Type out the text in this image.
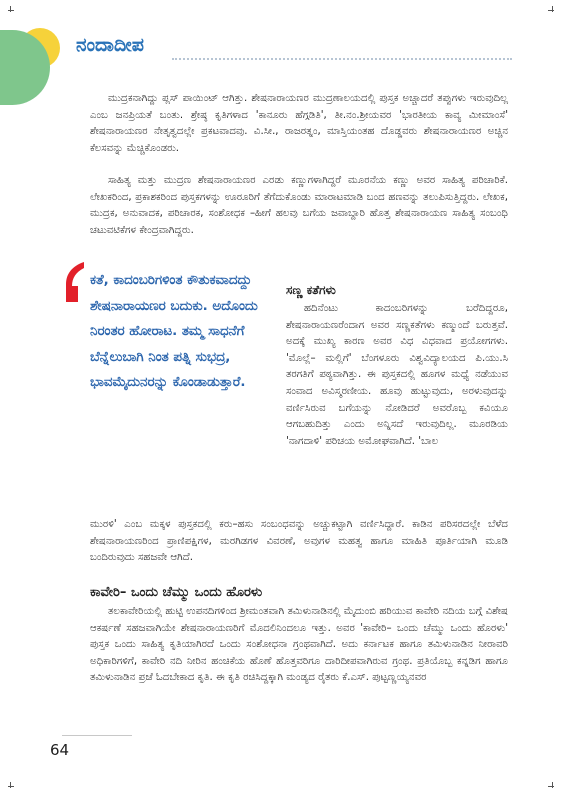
ನಂದಾದೀಪ

ಮುದ್ರಕನಾಗಿದ್ದು ಪ್ಲಸ್ ಪಾಯಿಂಟ್ ಆಗಿತ್ತು. ಶೇಷನಾರಾಯಣರ ಮುದ್ರಣಾಲಯದಲ್ಲಿ ಪುಸ್ತಕ ಅಚ್ಚಾದರೆ ತಪ್ಪುಗಳು ಇರುವುದಿಲ್ಲ ಎಂಬ ಜನಪ್ರಿಯತೆ ಬಂತು. ಶ್ರೇಷ್ಠ ಕೃತಿಗಳಾದ 'ಕಾನೂರು ಹೆಗ್ಗಡಿತಿ', ತೀ.ನಂ.ಶ್ರೀಯವರ 'ಭಾರತೀಯ ಕಾವ್ಯ ಮೀಮಾಂಸೆ' ಶೇಷನಾರಾಯಣರ ನೇತೃತ್ವದಲ್ಲೇ ಪ್ರಕಟವಾದವು. ವಿ.ಸೀ., ರಾಜರತ್ನಂ, ಮಾಸ್ತಿಯಂತಹ ದೊಡ್ಡವರು ಶೇಷನಾರಾಯಣರ ಅಚ್ಚಿನ ಕೆಲಸವನ್ನು ಮೆಚ್ಚಿಕೊಂಡರು.

ಸಾಹಿತ್ಯ ಮತ್ತು ಮುದ್ರಣ ಶೇಷನಾರಾಯಣರ ಎರಡು ಕಣ್ಣುಗಳಾಗಿದ್ದರೆ ಮೂರನೆಯ ಕಣ್ಣು ಅವರ ಸಾಹಿತ್ಯ ಪರಿಚಾರಿಕೆ. ಲೇಖಕರಿಂದ, ಪ್ರಕಾಶಕರಿಂದ ಪುಸ್ತಕಗಳನ್ನು ಊರೂರಿಗೆ ತೆಗೆದುಕೊಂಡು ಮಾರಾಟಮಾಡಿ ಬಂದ ಹಣವನ್ನು ತಲುಪಿಸುತ್ತಿದ್ದರು. ಲೇಖಕ, ಮುದ್ರಕ, ಅನುವಾದಕ, ಪರಿಚಾರಕ, ಸಂಶೋಧಕ –ಹೀಗೆ ಹಲವು ಬಗೆಯ ಜವಾಬ್ದಾರಿ ಹೊತ್ತ ಶೇಷನಾರಾಯಣ ಸಾಹಿತ್ಯ ಸಂಬಂಧಿ ಚಟುವಟಿಕೆಗಳ ಕೇಂದ್ರವಾಗಿದ್ದರು.

ಕತೆ, ಕಾದಂಬರಿಗಳಿಂತ ಕೌತುಕವಾದದ್ದು ಶೇಷನಾರಾಯಣರ ಬದುಕು. ಅದೊಂದು ನಿರಂತರ ಹೋರಾಟ. ತಮ್ಮ ಸಾಧನೆಗೆ ಬೆನ್ನೆಲುಬಾಗಿ ನಿಂತ ಪತ್ನಿ ಸುಭದ್ರ, ಭಾವಮೈದುನರನ್ನು ಕೊಂಡಾಡುತ್ತಾರೆ.

ಸಣ್ಣ ಕತೆಗಳು

ಹದಿನೆಂಟು ಕಾದಂಬರಿಗಳನ್ನು ಬರೆದಿದ್ದರೂ, ಶೇಷನಾರಾಯಣರೆಂದಾಗ ಅವರ ಸಣ್ಣಕತೆಗಳು ಕಣ್ಮುಂದೆ ಬರುತ್ತವೆ. ಅದಕ್ಕೆ ಮುಖ್ಯ ಕಾರಣ ಅವರ ವಿಧ ವಿಧವಾದ ಪ್ರಯೋಗಗಳು. 'ಮೊಲ್ಲೆ– ಮಲ್ಲಿಗೆ' ಬೆಂಗಳೂರು ವಿಶ್ವವಿದ್ಯಾಲಯದ ಪಿ.ಯು.ಸಿ ತರಗತಿಗೆ ಪಠ್ಯವಾಗಿತ್ತು. ಈ ಪುಸ್ತಕದಲ್ಲಿ ಹೂಗಳ ಮಧ್ಯೆ ನಡೆಯುವ ಸಂವಾದ ಅವಿಸ್ಮರಣೀಯ. ಹೂವು ಹುಟ್ಟುವುದು, ಅರಳುವುದನ್ನು ವರ್ಣಿಸಿರುವ ಬಗೆಯನ್ನು ನೋಡಿದರೆ ಅವರೊಬ್ಬ ಕವಿಯೂ ಆಗಬಹುದಿತ್ತು ಎಂದು ಅನ್ನಿಸದೆ ಇರುವುದಿಲ್ಲ. ಮೂರಡಿಯ 'ನಾಗದಾಳಿ' ಪರಿಚಯ ಅಮೋಘವಾಗಿದೆ. 'ಬಾಲ

ಮುರಳಿ' ಎಂಬ ಮಕ್ಕಳ ಪುಸ್ತಕದಲ್ಲಿ ಕರು–ಹಸು ಸಂಬಂಧವನ್ನು ಅಚ್ಚುಕಟ್ಟಾಗಿ ವರ್ಣಿಸಿದ್ದಾರೆ. ಕಾಡಿನ ಪರಿಸರದಲ್ಲೇ ಬೆಳೆದ ಶೇಷನಾರಾಯಣರಿಂದ ಪ್ರಾಣಿಪಕ್ಷಿಗಳ, ಮರಗಿಡಗಳ ವಿವರಣೆ, ಅವುಗಳ ಮಹತ್ವ ಹಾಗೂ ಮಾಹಿತಿ ಪೂರ್ತಿಯಾಗಿ ಮೂಡಿ ಬಂದಿರುವುದು ಸಹಜವೇ ಆಗಿದೆ.

ಕಾವೇರಿ– ಒಂದು ಚೆಮ್ಮು ಒಂದು ಹೊರಳು

ತಲಕಾವೇರಿಯಲ್ಲಿ ಹುಟ್ಟಿ ಉಪನದಿಗಳಿಂದ ಶ್ರೀಮಂತವಾಗಿ ತಮಿಳುನಾಡಿನಲ್ಲಿ ಮೈದುಂಬಿ ಹರಿಯುವ ಕಾವೇರಿ ನದಿಯ ಬಗ್ಗೆ ವಿಶೇಷ ಆಕರ್ಷಣೆ ಸಹಜವಾಗಿಯೇ ಶೇಷನಾರಾಯಣರಿಗೆ ಮೊದಲಿನಿಂದಲೂ ಇತ್ತು. ಅವರ 'ಕಾವೇರಿ– ಒಂದು ಚೆಮ್ಮು ಒಂದು ಹೊರಳು' ಪುಸ್ತಕ ಒಂದು ಸಾಹಿತ್ಯ ಕೃತಿಯಾಗಿರದೆ ಒಂದು ಸಂಶೋಧನಾ ಗ್ರಂಥವಾಗಿದೆ. ಅದು ಕರ್ನಾಟಕ ಹಾಗೂ ತಮಿಳುನಾಡಿನ ನೀರಾವರಿ ಅಧಿಕಾರಿಗಳಿಗೆ, ಕಾವೇರಿ ನದಿ ನೀರಿನ ಹಂಚಿಕೆಯ ಹೊಣೆ ಹೊತ್ತವರಿಗೂ ದಾರಿದೀಪವಾಗಿರುವ ಗ್ರಂಥ. ಪ್ರತಿಯೊಬ್ಬ ಕನ್ನಡಿಗ ಹಾಗೂ ತಮಿಳುನಾಡಿನ ಪ್ರಜೆ ಓದಬೇಕಾದ ಕೃತಿ. ಈ ಕೃತಿ ರಚಿಸಿದ್ದಕ್ಕಾಗಿ ಮಂಡ್ಯದ ರೈತರು ಕೆ.ಎಸ್. ಪುಟ್ಟಣ್ಣಯ್ಯನವರ

64
